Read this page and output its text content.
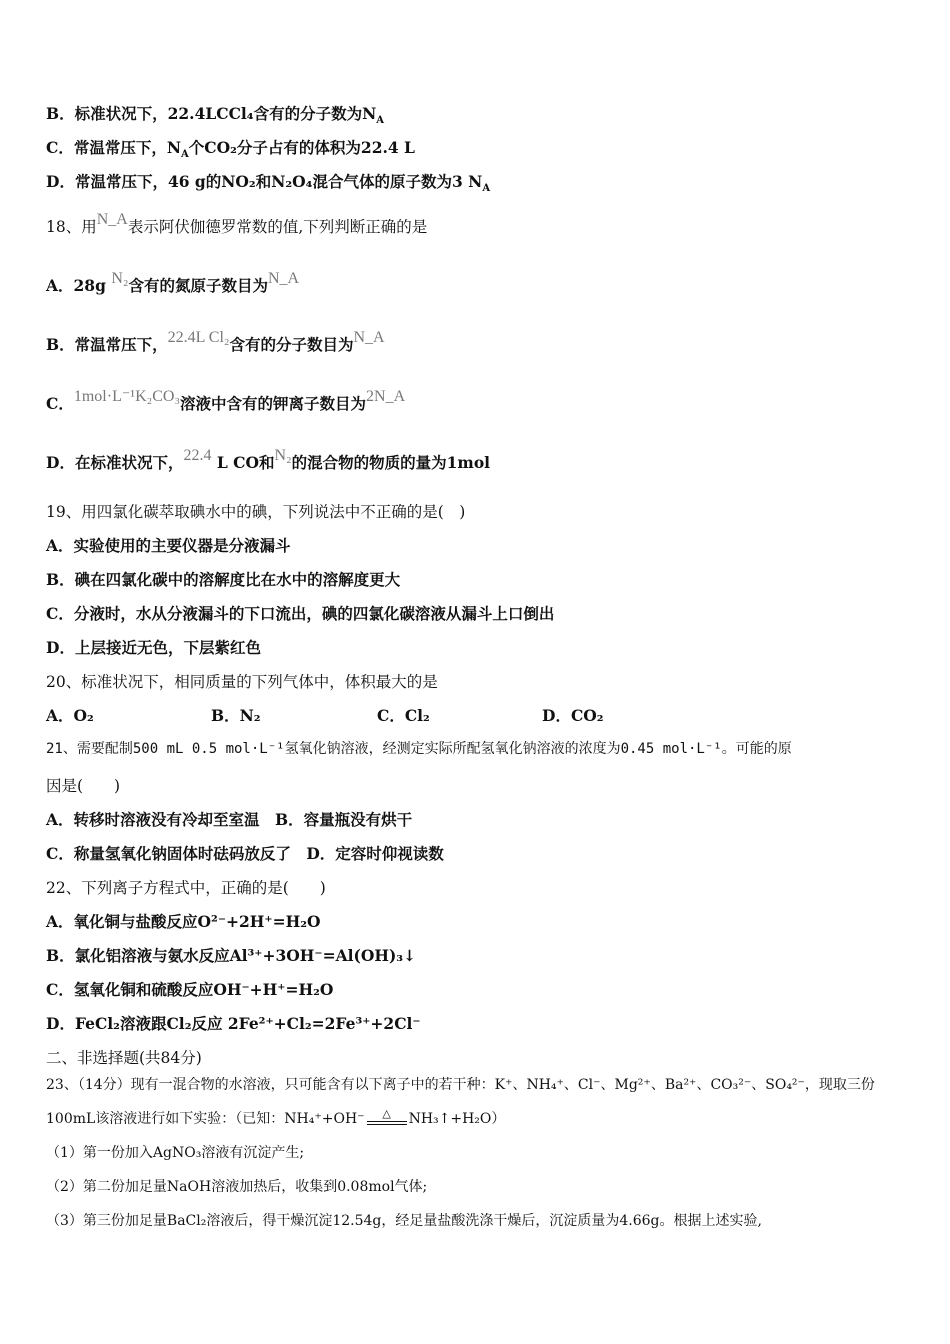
B．标准状况下，22.4LCCl₄含有的分子数为$N_A$
C．常温常压下，$N_A$个CO₂分子占有的体积为22.4 L
D．常温常压下，46 g的NO₂和N₂O₄混合气体的原子数为3 $N_A$
18、用N_A表示阿伏伽德罗常数的值,下列判断正确的是
A．28g N₂含有的氮原子数目为N_A
B．常温常压下，22.4L Cl₂含有的分子数目为N_A
C．1mol·L⁻¹K₂CO₃溶液中含有的钾离子数目为2N_A
D．在标准状况下，22.4 L CO和N₂的混合物的物质的量为1mol
19、用四氯化碳萃取碘水中的碘，下列说法中不正确的是(　)
A．实验使用的主要仪器是分液漏斗
B．碘在四氯化碳中的溶解度比在水中的溶解度更大
C．分液时，水从分液漏斗的下口流出，碘的四氯化碳溶液从漏斗上口倒出
D．上层接近无色，下层紫红色
20、标准状况下，相同质量的下列气体中，体积最大的是
A．O₂	B．N₂	C．Cl₂	D．CO₂
21、需要配制500 mL 0.5 mol·L⁻¹氢氧化钠溶液，经测定实际所配氢氧化钠溶液的浓度为0.45 mol·L⁻¹。可能的原
因是(　　)
A．转移时溶液没有冷却至室温　B．容量瓶没有烘干
C．称量氢氧化钠固体时砝码放反了　D．定容时仰视读数
22、下列离子方程式中，正确的是(　　)
A．氧化铜与盐酸反应O²⁻+2H⁺=H₂O
B．氯化铝溶液与氨水反应Al³⁺+3OH⁻=Al(OH)₃↓
C．氢氧化铜和硫酸反应OH⁻+H⁺=H₂O
D．FeCl₂溶液跟Cl₂反应 2Fe²⁺+Cl₂=2Fe³⁺+2Cl⁻
二、非选择题(共84分)
23、（14分）现有一混合物的水溶液，只可能含有以下离子中的若干种：K⁺、NH₄⁺、Cl⁻、Mg²⁺、Ba²⁺、CO₃²⁻、SO₄²⁻，现取三份
100mL该溶液进行如下实验：（已知：NH₄⁺+OH⁻ △ NH₃↑+H₂O）
（1）第一份加入AgNO₃溶液有沉淀产生;
（2）第二份加足量NaOH溶液加热后，收集到0.08mol气体;
（3）第三份加足量BaCl₂溶液后，得干燥沉淀12.54g，经足量盐酸洗涤干燥后，沉淀质量为4.66g。根据上述实验,
